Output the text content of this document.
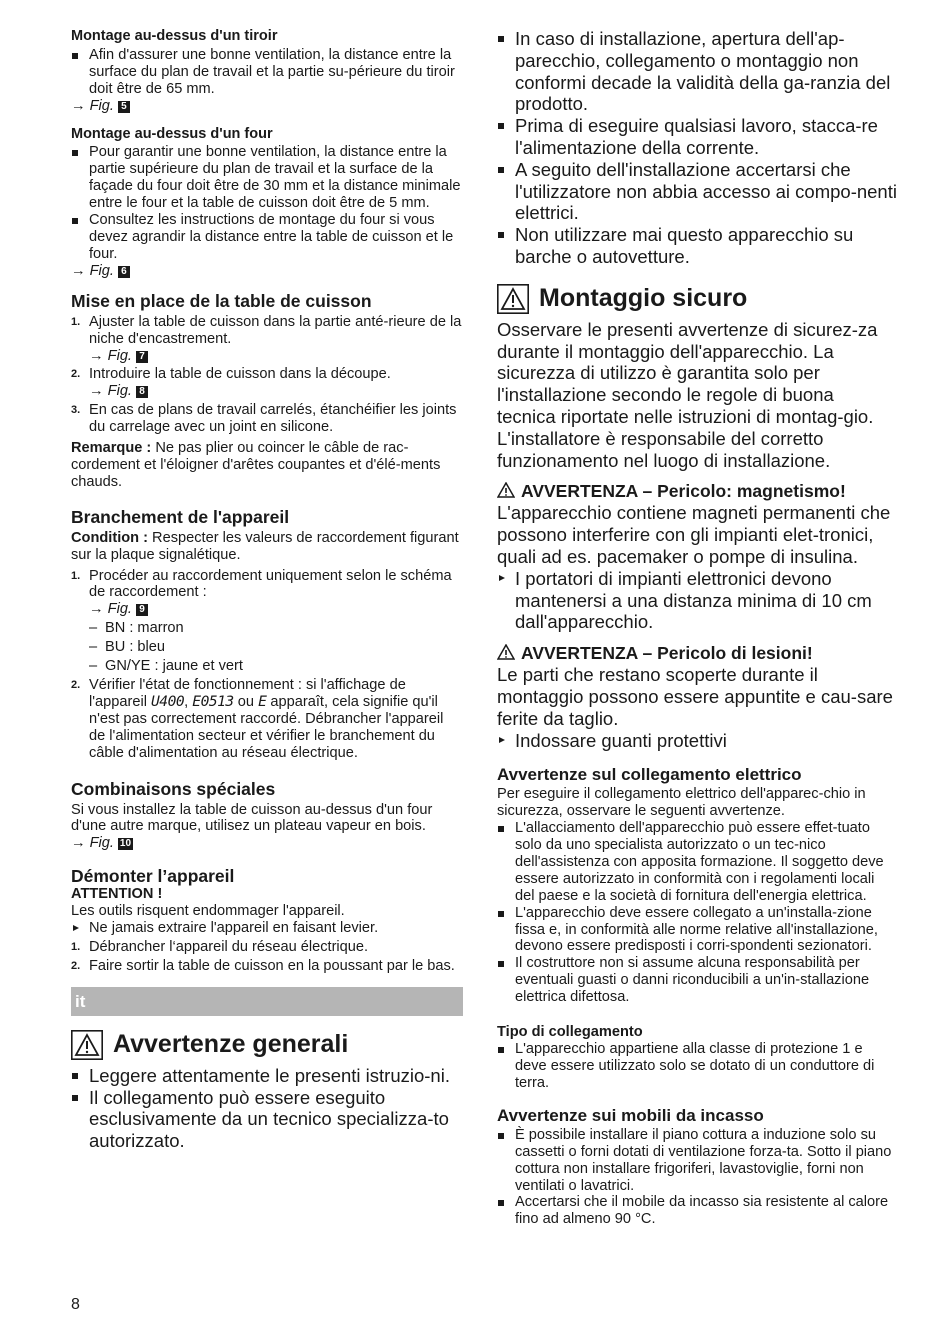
Montage au-dessus d'un tiroir
Afin d'assurer une bonne ventilation, la distance entre la surface du plan de travail et la partie su-périeure du tiroir doit être de 65 mm.

→ Fig. 5

Montage au-dessus d'un four
Pour garantir une bonne ventilation, la distance entre la partie supérieure du plan de travail et la surface de la façade du four doit être de 30 mm et la distance minimale entre le four et la table de cuisson doit être de 5 mm.
Consultez les instructions de montage du four si vous devez agrandir la distance entre la table de cuisson et le four.

→ Fig. 6

Mise en place de la table de cuisson
1. Ajuster la table de cuisson dans la partie anté-rieure de la niche d'encastrement.
→ Fig. 7
2. Introduire la table de cuisson dans la découpe.
→ Fig. 8
3. En cas de plans de travail carrelés, étanchéifier les joints du carrelage avec un joint en silicone.

Remarque : Ne pas plier ou coincer le câble de rac-cordement et l'éloigner d'arêtes coupantes et d'élé-ments chauds.

Branchement de l'appareil

Condition : Respecter les valeurs de raccordement figurant sur la plaque signalétique.

1. Procéder au raccordement uniquement selon le schéma de raccordement :
→ Fig. 9
– BN : marron
– BU : bleu
– GN/YE : jaune et vert
2. Vérifier l'état de fonctionnement : si l'affichage de l'appareil U400, E0513 ou E apparaît, cela signifie qu'il n'est pas correctement raccordé. Débrancher l'appareil de l'alimentation secteur et vérifier le branchement du câble d'alimentation au réseau électrique.
Combinaisons spéciales

Si vous installez la table de cuisson au-dessus d'un four d'une autre marque, utilisez un plateau vapeur en bois.

→ Fig. 10

Démonter l’appareil

ATTENTION !

Les outils risquent endommager l'appareil.

Ne jamais extraire l'appareil en faisant levier.
1. Débrancher l‘appareil du réseau électrique.
2. Faire sortir la table de cuisson en la poussant par le bas.
it
Avvertenze generali
Leggere attentamente le presenti istruzio-ni.
Il collegamento può essere eseguito esclusivamente da un tecnico specializza-to autorizzato.
In caso di installazione, apertura dell'ap-parecchio, collegamento o montaggio non conformi decade la validità della ga-ranzia del prodotto.
Prima di eseguire qualsiasi lavoro, stacca-re l'alimentazione della corrente.
A seguito dell'installazione accertarsi che l'utilizzatore non abbia accesso ai compo-nenti elettrici.
Non utilizzare mai questo apparecchio su barche o autovetture.
Montaggio sicuro

Osservare le presenti avvertenze di sicurez-za durante il montaggio dell'apparecchio. La sicurezza di utilizzo è garantita solo per l'installazione secondo le regole di buona tecnica riportate nelle istruzioni di montag-gio. L'installatore è responsabile del corretto funzionamento nel luogo di installazione.

AVVERTENZA – Pericolo: magnetismo!

L'apparecchio contiene magneti permanenti che possono interferire con gli impianti elet-tronici, quali ad es. pacemaker o pompe di insulina.

I portatori di impianti elettronici devono mantenersi a una distanza minima di 10 cm dall'apparecchio.
AVVERTENZA – Pericolo di lesioni!

Le parti che restano scoperte durante il montaggio possono essere appuntite e cau-sare ferite da taglio.

Indossare guanti protettivi
Avvertenze sul collegamento elettrico

Per eseguire il collegamento elettrico dell'apparec-chio in sicurezza, osservare le seguenti avvertenze.

L'allacciamento dell'apparecchio può essere effet-tuato solo da uno specialista autorizzato o un tec-nico dell'assistenza con apposita formazione. Il soggetto deve essere autorizzato in conformità con i regolamenti locali del paese e la società di fornitura dell'energia elettrica.
L'apparecchio deve essere collegato a un'installa-zione fissa e, in conformità alle norme relative all'installazione, devono essere predisposti i corri-spondenti sezionatori.
Il costruttore non si assume alcuna responsabilità per eventuali guasti o danni riconducibili a un'in-stallazione elettrica difettosa.
Tipo di collegamento
L'apparecchio appartiene alla classe di protezione 1 e deve essere utilizzato solo se dotato di un conduttore di terra.
Avvertenze sui mobili da incasso
È possibile installare il piano cottura a induzione solo su cassetti o forni dotati di ventilazione forza-ta. Sotto il piano cottura non installare frigoriferi, lavastoviglie, forni non ventilati o lavatrici.
Accertarsi che il mobile da incasso sia resistente al calore fino ad almeno 90 °C.
8
